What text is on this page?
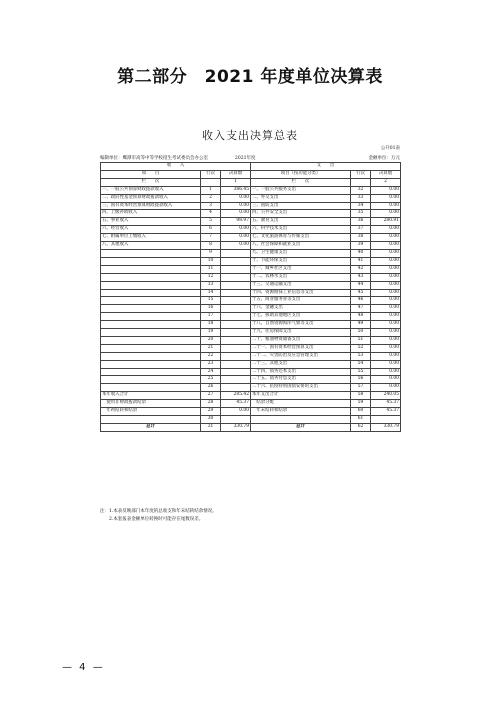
第二部分　2021 年度单位决算表
收入支出决算总表
公开01表
编制单位：鹰潭市高等中等学校招生考试委员会办公室	2021年度	金额单位：万元
收　　入			支　　出		
项　　目	行次	决算数	项目（按功能分类）	行次	决算数
栏　　次		1	栏　　次		2
一、一般公共预算财政拨款收入	1	386.45	一、一般公共服务支出	32	0.00
二、政府性基金预算财政拨款收入	2	0.00	二、外交支出	33	0.00
三、国有资本经营预算财政拨款收入	3	0.00	三、国防支出	34	0.00
四、上级补助收入	4	0.00	四、公共安全支出	35	0.00
五、事业收入	5	98.97	五、教育支出	36	280.91
六、经营收入	6	0.00	六、科学技术支出	37	0.00
七、附属单位上缴收入	7	0.00	七、文化旅游体育与传媒支出	38	0.00
八、其他收入	8	0.00	八、社会保障和就业支出	39	0.00
	9		九、卫生健康支出	40	0.00
	10		十、节能环保支出	41	0.00
	11		十一、城乡社区支出	42	0.00
	12		十二、农林水支出	43	0.00
	13		十三、交通运输支出	44	0.00
	14		十四、资源勘探工业信息等支出	45	0.00
	15		十五、商业服务业等支出	46	0.00
	16		十六、金融支出	47	0.00
	17		十七、援助其他地区支出	48	0.00
	18		十八、自然资源海洋气象等支出	49	0.00
	19		十九、住房保障支出	50	0.00
	20		二十、粮油物资储备支出	51	0.00
	21		二十一、国有资本经营预算支出	52	0.00
	22		二十二、灾害防治及应急管理支出	53	0.00
	23		二十三、其他支出	54	0.00
	24		二十四、债务还本支出	55	0.00
	25		二十五、债务付息支出	56	0.00
	26		二十六、抗疫特别国债安排的支出	57	0.00
本年收入合计	27	285.42	本年支出合计	58	240.05
　使用非财政拨款结余	28	45.37	　结余分配	59	45.37
　年初结转和结余	29	0.00	　年末结转和结余	60	45.37
	30			61	
总计	31	330.79	总计	62	330.79
注：1.本表反映部门本年度的总收支和年末结转结余情况。
　　2.本套报表金额单位转换时可能存在尾数误差。
— 4 —
